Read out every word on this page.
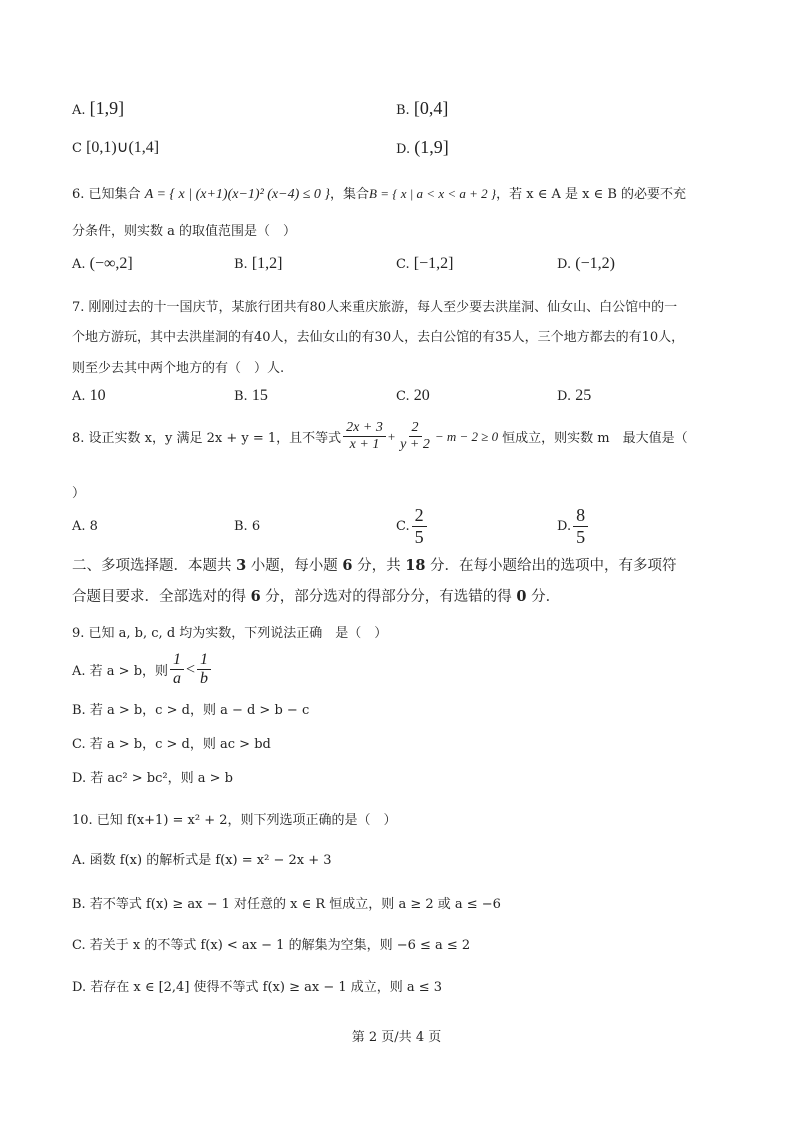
A. [1,9]	B. [0,4]
C [0,1)∪(1,4]	D. (1,9]
6. 已知集合 A = { x | (x+1)(x−1)² (x−4) ≤ 0 }，集合B = { x | a < x < a + 2 }，若 x ∈ A 是 x ∈ B 的必要不充
分条件，则实数 a 的取值范围是（　）
A. (−∞,2]	B. [1,2]	C. [−1,2]	D. (−1,2)
7. 刚刚过去的十一国庆节，某旅行团共有80人来重庆旅游，每人至少要去洪崖洞、仙女山、白公馆中的一
个地方游玩，其中去洪崖洞的有40人，去仙女山的有30人，去白公馆的有35人，三个地方都去的有10人，
则至少去其中两个地方的有（　）人.
A. 10	B. 15	C. 20	D. 25
8. 设正实数 x，y 满足 2x + y = 1，且不等式 $\frac{2x + 3}{x + 1} + \frac{2}{y + 2} - m - 2 \ge 0$ 恒成立，则实数 m　最大值是（
）
A. 8	B. 6	C. $\frac{2}{5}$	D. $\frac{8}{5}$
二、多项选择题．本题共 3 小题，每小题 6 分，共 18 分．在每小题给出的选项中，有多项符
合题目要求．全部选对的得 6 分，部分选对的得部分分，有选错的得 0 分．
9. 已知 a, b, c, d 均为实数，下列说法正确　是（　）
A. 若 a > b，则 $\frac{1}{a} < \frac{1}{b}$
B. 若 a > b，c > d，则 a − d > b − c
C. 若 a > b，c > d，则 ac > bd
D. 若 ac² > bc²，则 a > b
10. 已知 f(x+1) = x² + 2，则下列选项正确的是（　）
A. 函数 f(x) 的解析式是 f(x) = x² − 2x + 3
B. 若不等式 f(x) ≥ ax − 1 对任意的 x ∈ R 恒成立，则 a ≥ 2 或 a ≤ −6
C. 若关于 x 的不等式 f(x) < ax − 1 的解集为空集，则 −6 ≤ a ≤ 2
D. 若存在 x ∈ [2,4] 使得不等式 f(x) ≥ ax − 1 成立，则 a ≤ 3
第 2 页/共 4 页
